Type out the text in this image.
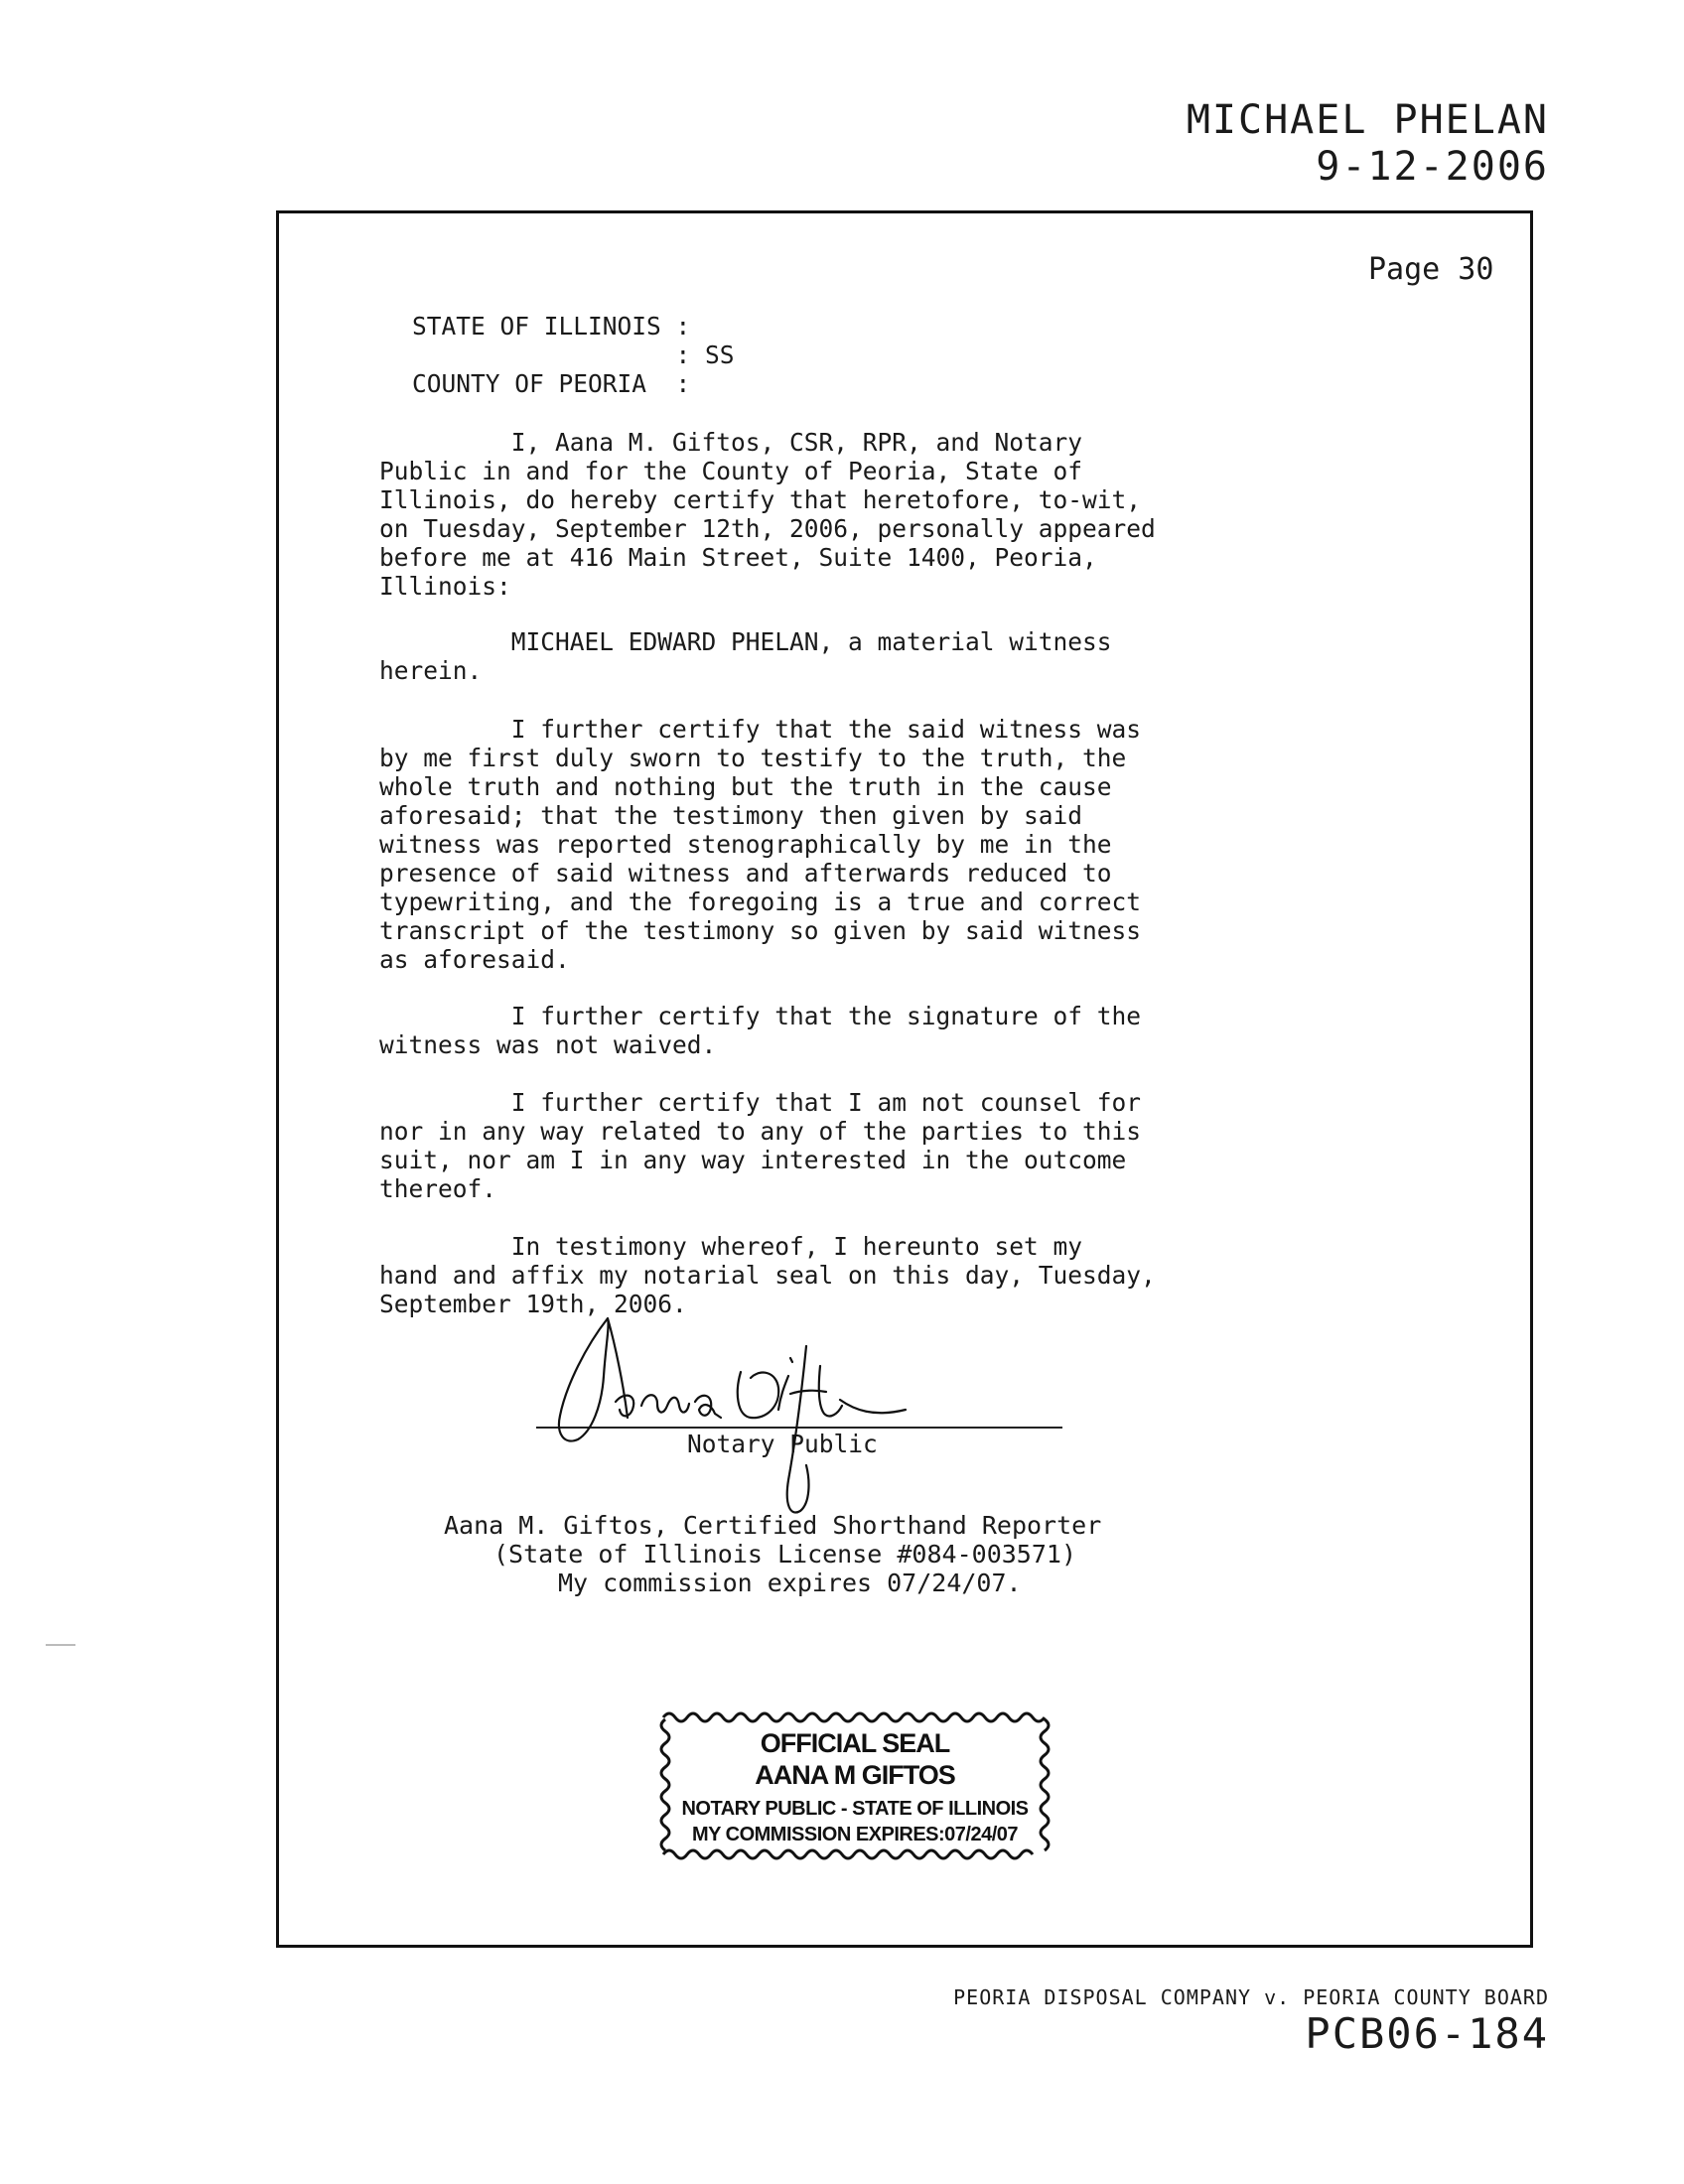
MICHAEL PHELAN
9-12-2006
Page 30
STATE OF ILLINOIS :
: SS
COUNTY OF PEORIA  :
I, Aana M. Giftos, CSR, RPR, and Notary
Public in and for the County of Peoria, State of
Illinois, do hereby certify that heretofore, to-wit,
on Tuesday, September 12th, 2006, personally appeared
before me at 416 Main Street, Suite 1400, Peoria,
Illinois:
MICHAEL EDWARD PHELAN, a material witness
herein.
I further certify that the said witness was
by me first duly sworn to testify to the truth, the
whole truth and nothing but the truth in the cause
aforesaid; that the testimony then given by said
witness was reported stenographically by me in the
presence of said witness and afterwards reduced to
typewriting, and the foregoing is a true and correct
transcript of the testimony so given by said witness
as aforesaid.
I further certify that the signature of the
witness was not waived.
I further certify that I am not counsel for
nor in any way related to any of the parties to this
suit, nor am I in any way interested in the outcome
thereof.
In testimony whereof, I hereunto set my
hand and affix my notarial seal on this day, Tuesday,
September 19th, 2006.
Notary Public
Aana M. Giftos, Certified Shorthand Reporter
(State of Illinois License #084-003571)
My commission expires 07/24/07.
OFFICIAL SEAL
AANA M GIFTOS
NOTARY PUBLIC - STATE OF ILLINOIS
MY COMMISSION EXPIRES:07/24/07
PEORIA DISPOSAL COMPANY v. PEORIA COUNTY BOARD
PCB06-184
